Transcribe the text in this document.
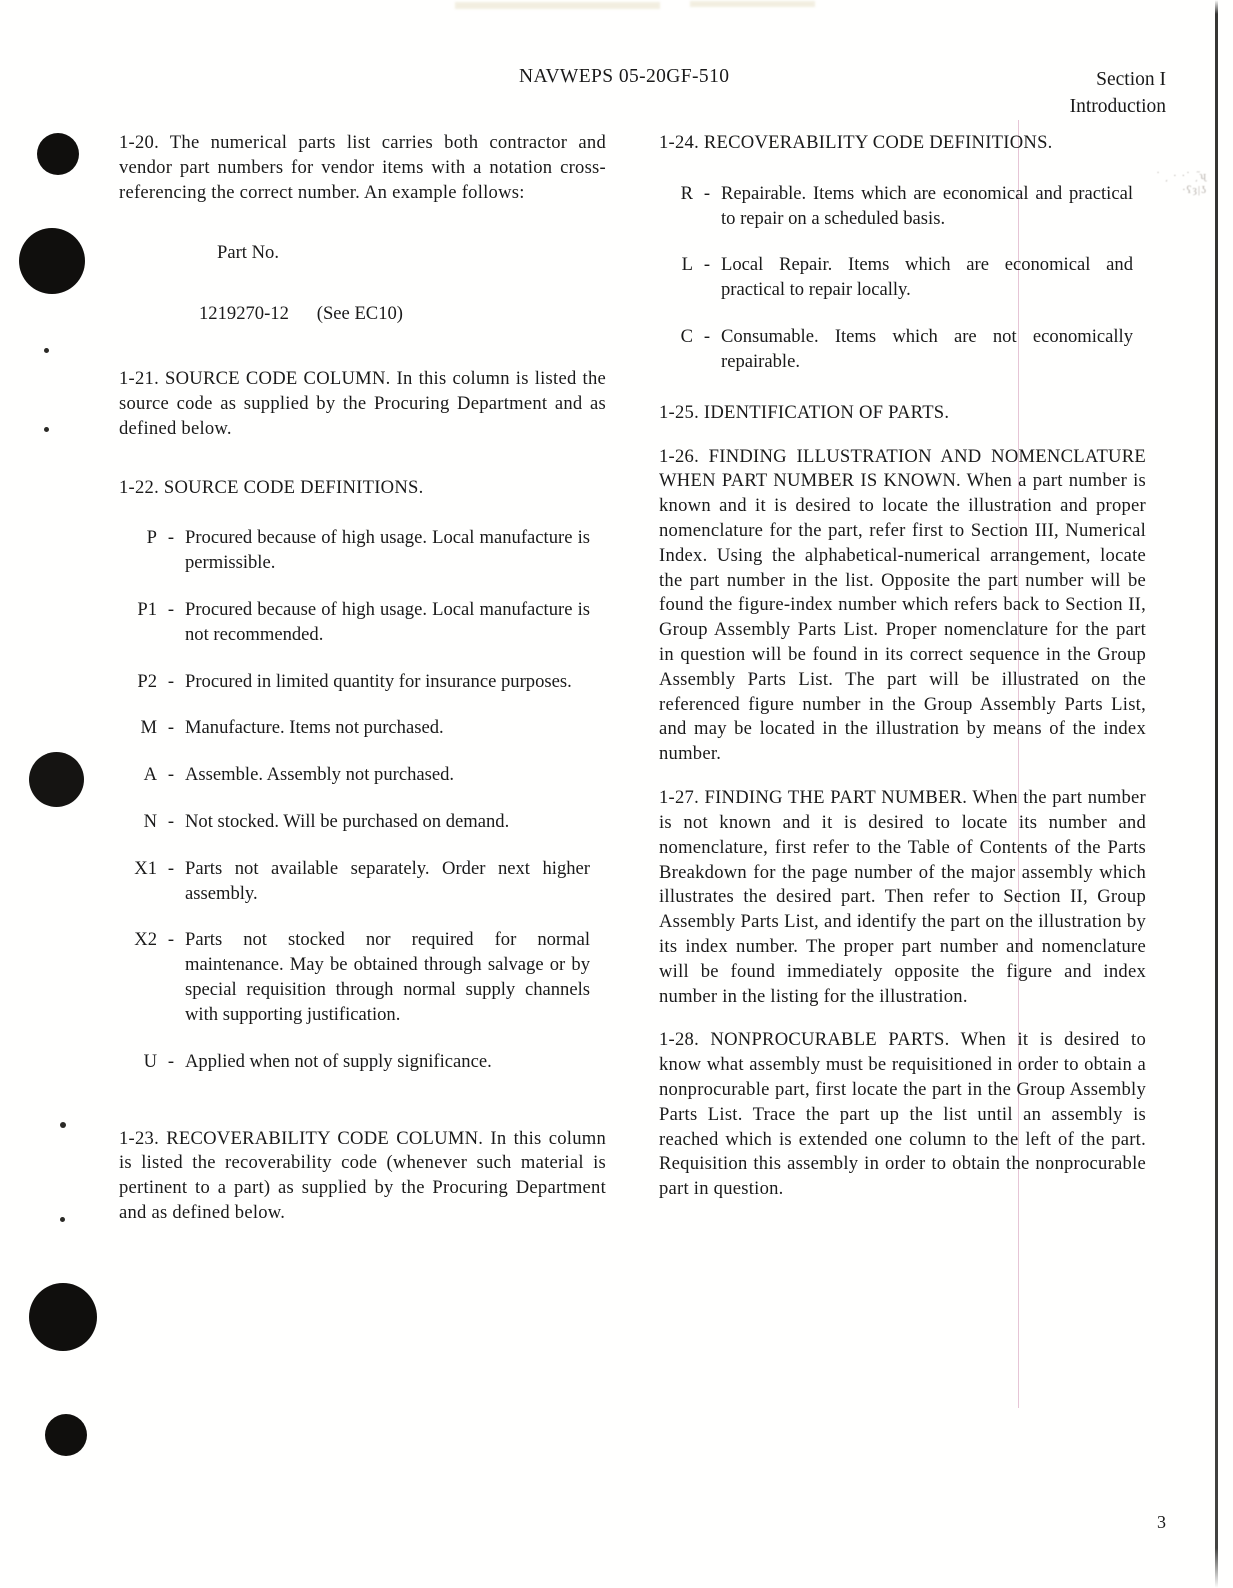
˙ ͵ · ·˙ ͵᷉ʯ
·ʕȝ|ʖ
NAVWEPS 05-20GF-510	Section I
Introduction

1-20. The numerical parts list carries both contractor and vendor part numbers for vendor items with a notation cross-referencing the correct number. An example follows:

Part No.
1219270-12      (See EC10)

1-21. SOURCE CODE COLUMN. In this column is listed the source code as supplied by the Procuring Department and as defined below.

1-22. SOURCE CODE DEFINITIONS.

P - Procured because of high usage. Local manufacture is permissible.
P1 - Procured because of high usage. Local manufacture is not recommended.
P2 - Procured in limited quantity for insurance purposes.
M - Manufacture. Items not purchased.
A - Assemble. Assembly not purchased.
N - Not stocked. Will be purchased on demand.
X1 - Parts not available separately. Order next higher assembly.
X2 - Parts not stocked nor required for normal maintenance. May be obtained through salvage or by special requisition through normal supply channels with supporting justification.
U - Applied when not of supply significance.

1-23. RECOVERABILITY CODE COLUMN. In this column is listed the recoverability code (whenever such material is pertinent to a part) as supplied by the Procuring Department and as defined below.

1-24. RECOVERABILITY CODE DEFINITIONS.

R - Repairable. Items which are economical and practical to repair on a scheduled basis.
L - Local Repair. Items which are economical and practical to repair locally.
C - Consumable. Items which are not economically repairable.

1-25. IDENTIFICATION OF PARTS.

1-26. FINDING ILLUSTRATION AND NOMENCLATURE WHEN PART NUMBER IS KNOWN. When a part number is known and it is desired to locate the illustration and proper nomenclature for the part, refer first to Section III, Numerical Index. Using the alphabetical-numerical arrangement, locate the part number in the list. Opposite the part number will be found the figure-index number which refers back to Section II, Group Assembly Parts List. Proper nomenclature for the part in question will be found in its correct sequence in the Group Assembly Parts List. The part will be illustrated on the referenced figure number in the Group Assembly Parts List, and may be located in the illustration by means of the index number.

1-27. FINDING THE PART NUMBER. When the part number is not known and it is desired to locate its number and nomenclature, first refer to the Table of Contents of the Parts Breakdown for the page number of the major assembly which illustrates the desired part. Then refer to Section II, Group Assembly Parts List, and identify the part on the illustration by its index number. The proper part number and nomenclature will be found immediately opposite the figure and index number in the listing for the illustration.

1-28. NONPROCURABLE PARTS. When it is desired to know what assembly must be requisitioned in order to obtain a nonprocurable part, first locate the part in the Group Assembly Parts List. Trace the part up the list until an assembly is reached which is extended one column to the left of the part. Requisition this assembly in order to obtain the nonprocurable part in question.

3
